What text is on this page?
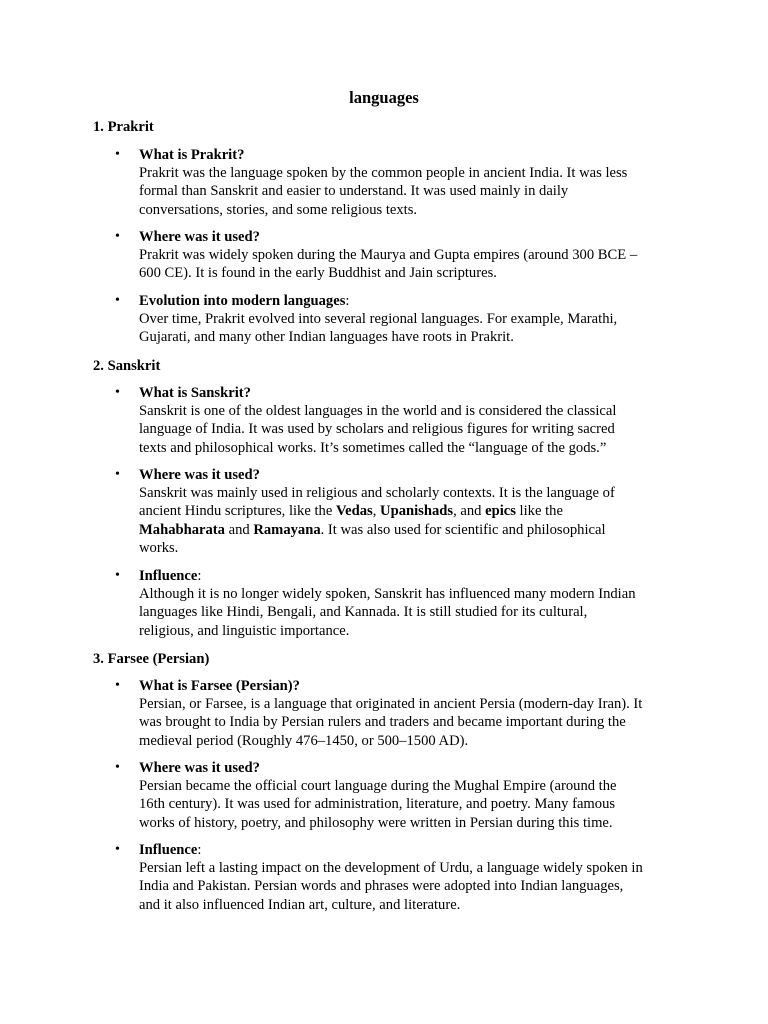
languages
1. Prakrit
• What is Prakrit?
Prakrit was the language spoken by the common people in ancient India. It was less
formal than Sanskrit and easier to understand. It was used mainly in daily
conversations, stories, and some religious texts.
• Where was it used?
Prakrit was widely spoken during the Maurya and Gupta empires (around 300 BCE –
600 CE). It is found in the early Buddhist and Jain scriptures.
• Evolution into modern languages:
Over time, Prakrit evolved into several regional languages. For example, Marathi,
Gujarati, and many other Indian languages have roots in Prakrit.
2. Sanskrit
• What is Sanskrit?
Sanskrit is one of the oldest languages in the world and is considered the classical
language of India. It was used by scholars and religious figures for writing sacred
texts and philosophical works. It’s sometimes called the “language of the gods.”
• Where was it used?
Sanskrit was mainly used in religious and scholarly contexts. It is the language of
ancient Hindu scriptures, like the Vedas, Upanishads, and epics like the
Mahabharata and Ramayana. It was also used for scientific and philosophical
works.
• Influence:
Although it is no longer widely spoken, Sanskrit has influenced many modern Indian
languages like Hindi, Bengali, and Kannada. It is still studied for its cultural,
religious, and linguistic importance.
3. Farsee (Persian)
• What is Farsee (Persian)?
Persian, or Farsee, is a language that originated in ancient Persia (modern-day Iran). It
was brought to India by Persian rulers and traders and became important during the
medieval period (Roughly 476–1450, or 500–1500 AD).
• Where was it used?
Persian became the official court language during the Mughal Empire (around the
16th century). It was used for administration, literature, and poetry. Many famous
works of history, poetry, and philosophy were written in Persian during this time.
• Influence:
Persian left a lasting impact on the development of Urdu, a language widely spoken in
India and Pakistan. Persian words and phrases were adopted into Indian languages,
and it also influenced Indian art, culture, and literature.
